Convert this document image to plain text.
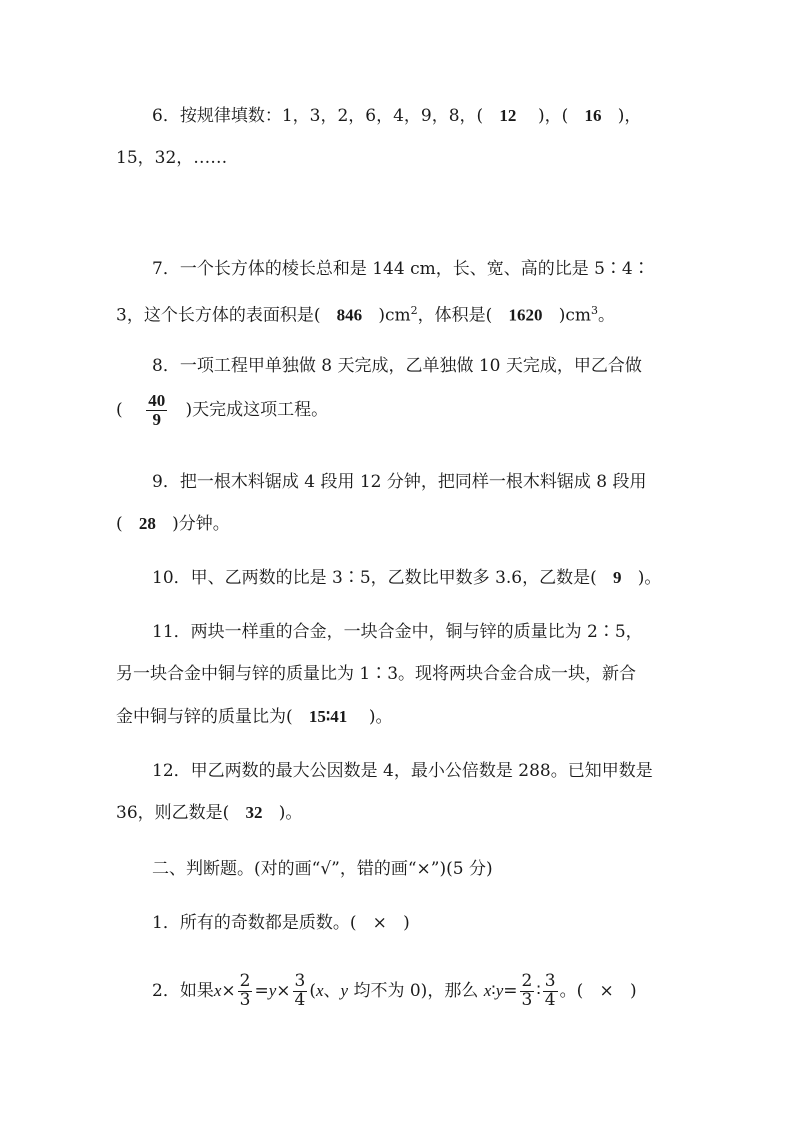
6．按规律填数：1，3，2，6，4，9，8，( 12 )，( 16 )，
15，32，……
7．一个长方体的棱长总和是 144 cm，长、宽、高的比是 5∶4∶
3，这个长方体的表面积是( 846 )$cm^2$，体积是( 1620 )$cm^3$。
8．一项工程甲单独做 8 天完成，乙单独做 10 天完成，甲乙合做
( $\frac{40}{9}$ )天完成这项工程。
9．把一根木料锯成 4 段用 12 分钟，把同样一根木料锯成 8 段用
( 28 )分钟。
10．甲、乙两数的比是 3∶5，乙数比甲数多 3.6，乙数是( 9 )。
11．两块一样重的合金，一块合金中，铜与锌的质量比为 2∶5，
另一块合金中铜与锌的质量比为 1∶3。现将两块合金合成一块，新合
金中铜与锌的质量比为( 15∶41 )。
12．甲乙两数的最大公因数是 4，最小公倍数是 288。已知甲数是
36，则乙数是( 32 )。
二、判断题。(对的画“√”，错的画“×”)(5 分)
1．所有的奇数都是质数。( × )
2．如果$x\times \frac{2}{3} =y\times \frac{3}{4} (x$、y 均不为 0)，那么 x∶y= $\frac{2}{3}$ ∶ $\frac{3}{4}$ 。( × )
